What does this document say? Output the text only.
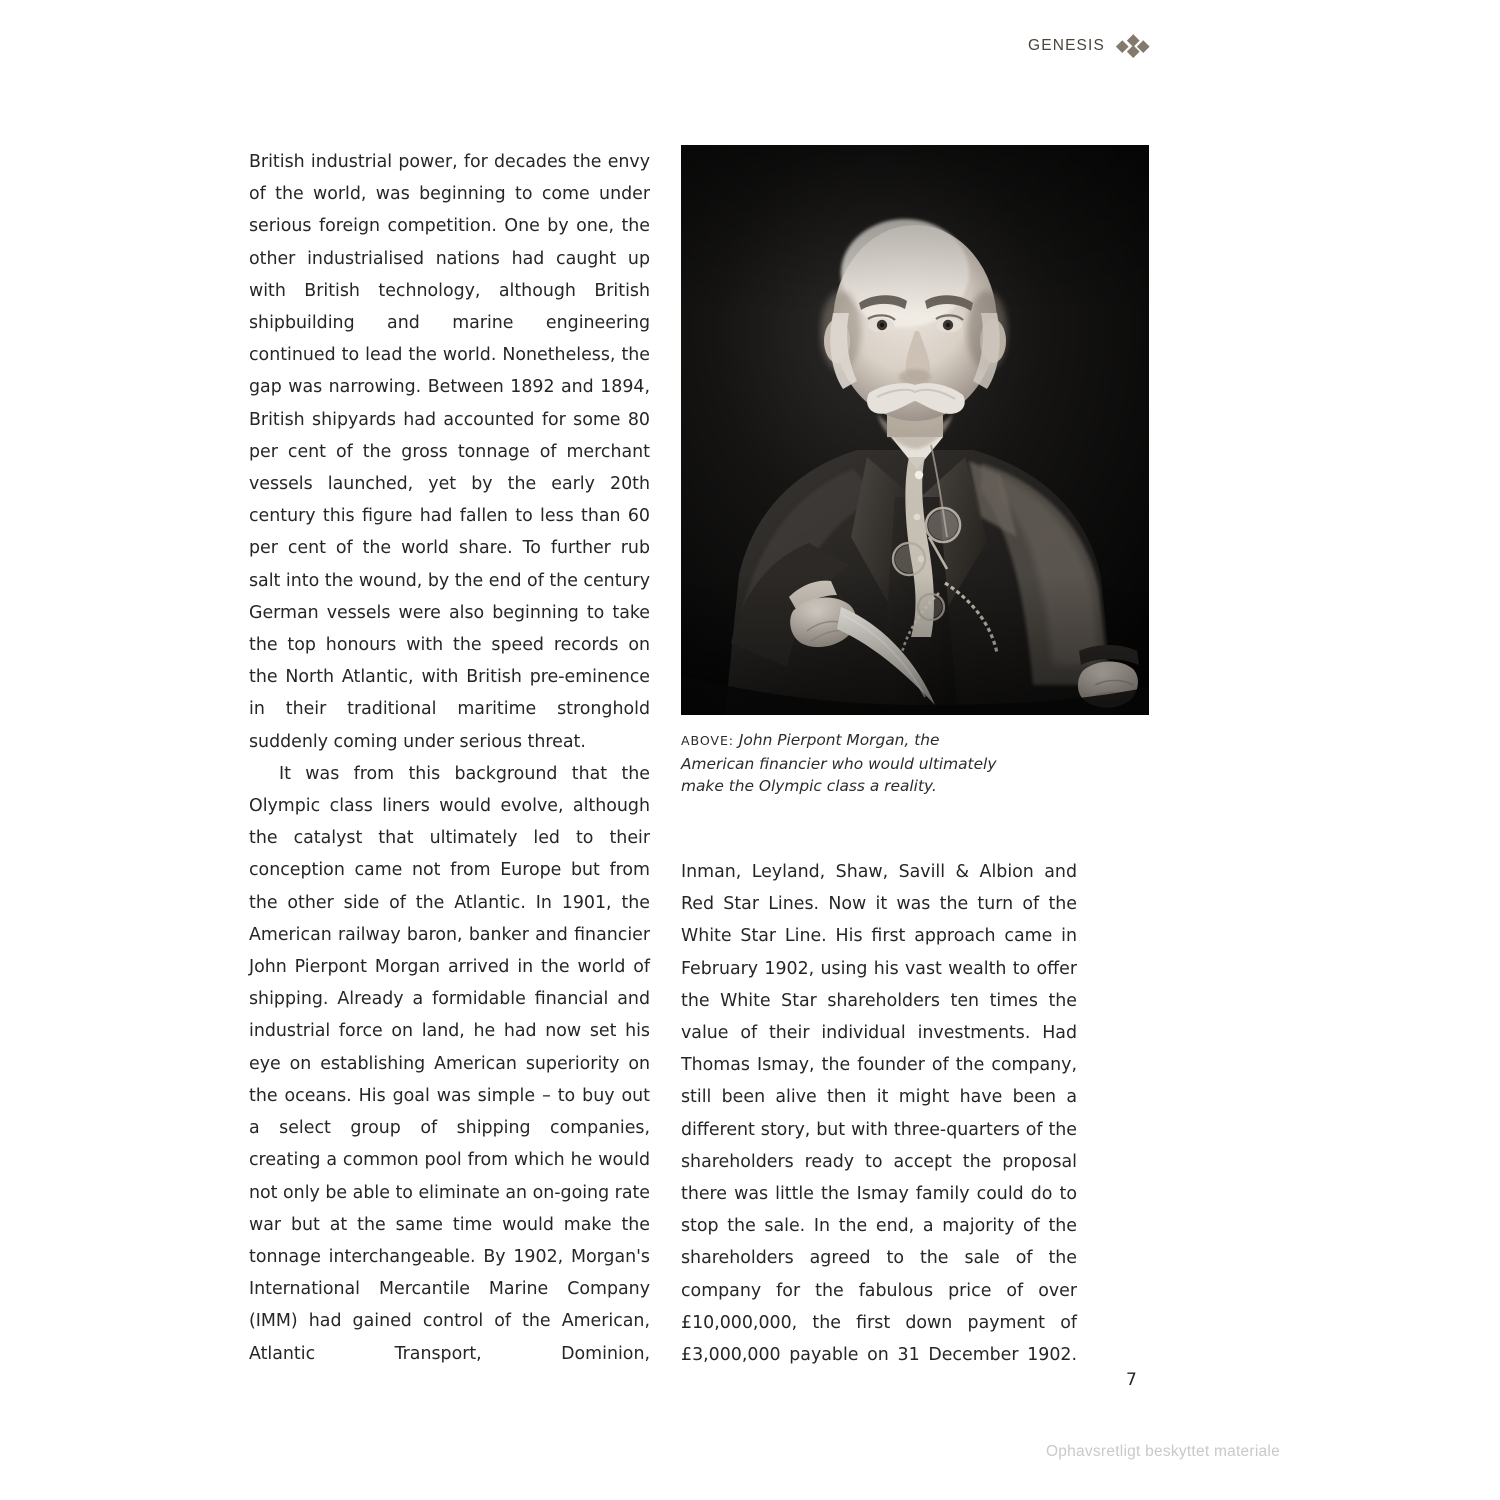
GENESIS

British industrial power, for decades the envy of the world, was beginning to come under serious foreign competition. One by one, the other industrialised nations had caught up with British technology, although British shipbuilding and marine engineering continued to lead the world. Nonetheless, the gap was narrowing. Between 1892 and 1894, British shipyards had accounted for some 80 per cent of the gross tonnage of merchant vessels launched, yet by the early 20th century this figure had fallen to less than 60 per cent of the world share. To further rub salt into the wound, by the end of the century German vessels were also beginning to take the top honours with the speed records on the North Atlantic, with British pre-eminence in their traditional maritime stronghold suddenly coming under serious threat.

It was from this background that the Olympic class liners would evolve, although the catalyst that ultimately led to their conception came not from Europe but from the other side of the Atlantic. In 1901, the American railway baron, banker and financier John Pierpont Morgan arrived in the world of shipping. Already a formidable financial and industrial force on land, he had now set his eye on establishing American superiority on the oceans. His goal was simple – to buy out a select group of shipping companies, creating a common pool from which he would not only be able to eliminate an on-going rate war but at the same time would make the tonnage interchangeable. By 1902, Morgan's International Mercantile Marine Company (IMM) had gained control of the American, Atlantic Transport, Dominion,

ABOVE: John Pierpont Morgan, the American financier who would ultimately make the Olympic class a reality.

Inman, Leyland, Shaw, Savill & Albion and Red Star Lines. Now it was the turn of the White Star Line. His first approach came in February 1902, using his vast wealth to offer the White Star shareholders ten times the value of their individual investments. Had Thomas Ismay, the founder of the company, still been alive then it might have been a different story, but with three-quarters of the shareholders ready to accept the proposal there was little the Ismay family could do to stop the sale. In the end, a majority of the shareholders agreed to the sale of the company for the fabulous price of over £10,000,000, the first down payment of £3,000,000 payable on 31 December 1902.

7
Ophavsretligt beskyttet materiale
